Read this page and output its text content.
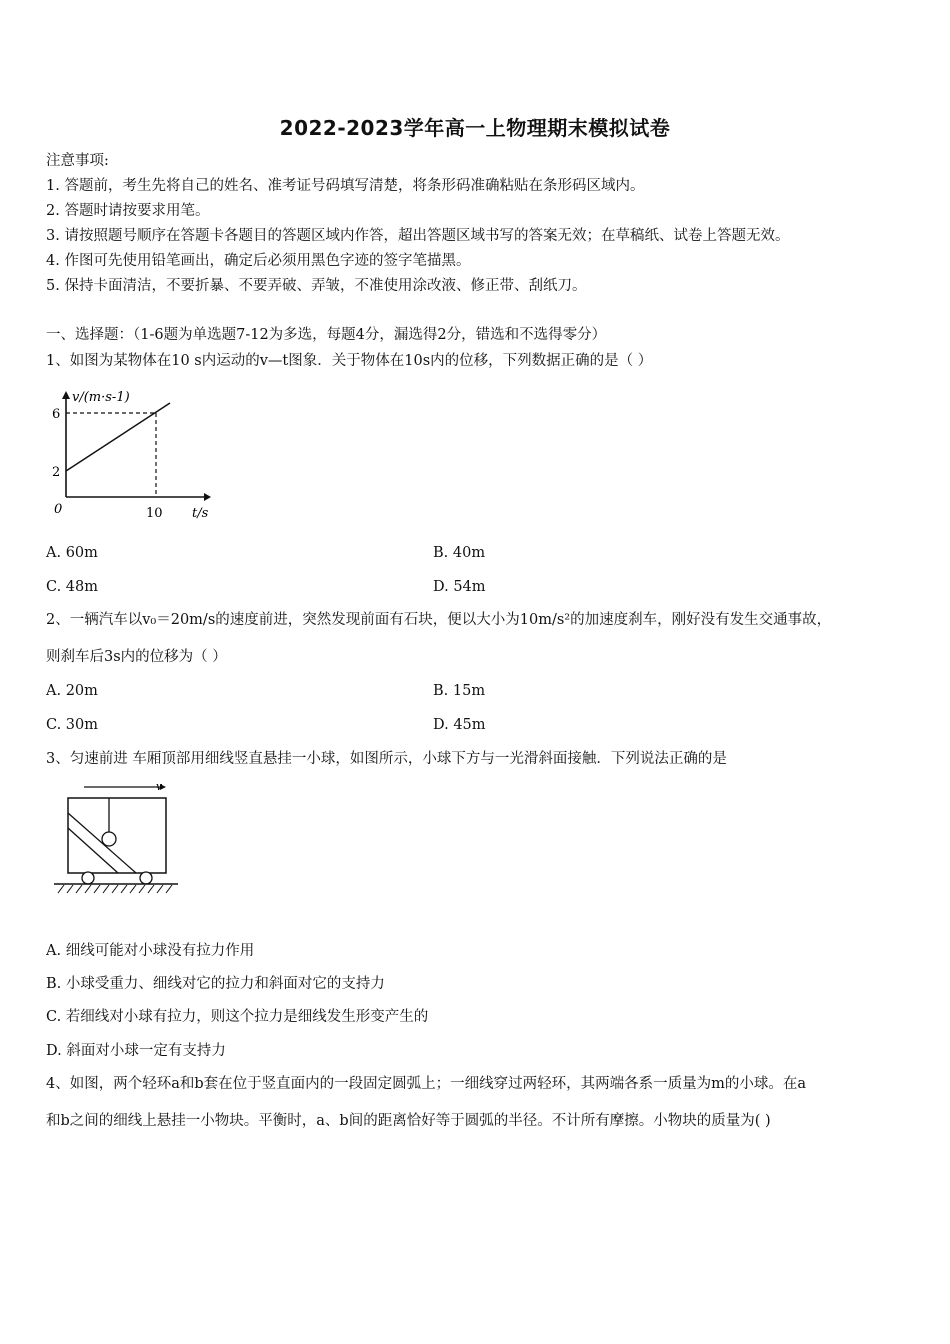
2022-2023学年高一上物理期末模拟试卷
注意事项:
1. 答题前，考生先将自己的姓名、准考证号码填写清楚，将条形码准确粘贴在条形码区域内。
2. 答题时请按要求用笔。
3. 请按照题号顺序在答题卡各题目的答题区域内作答，超出答题区域书写的答案无效；在草稿纸、试卷上答题无效。
4. 作图可先使用铅笔画出，确定后必须用黑色字迹的签字笔描黑。
5. 保持卡面清洁，不要折暴、不要弄破、弄皱，不准使用涂改液、修正带、刮纸刀。
一、选择题：（1-6题为单选题7-12为多选，每题4分，漏选得2分，错选和不选得零分）
1、如图为某物体在10 s内运动的v—t图象．关于物体在10s内的位移，下列数据正确的是（ ）
v/(m·s-1)
6
2
0	10 t/s
A. 60m	B. 40m
C. 48m	D. 54m
2、一辆汽车以v₀＝20m/s的速度前进，突然发现前面有石块，便以大小为10m/s²的加速度刹车，刚好没有发生交通事故，
则刹车后3s内的位移为（ ）
A. 20m	B. 15m
C. 30m	D. 45m
3、匀速前进 车厢顶部用细线竖直悬挂一小球，如图所示，小球下方与一光滑斜面接触．下列说法正确的是
v
A. 细线可能对小球没有拉力作用
B. 小球受重力、细线对它的拉力和斜面对它的支持力
C. 若细线对小球有拉力，则这个拉力是细线发生形变产生的
D. 斜面对小球一定有支持力
4、如图，两个轻环a和b套在位于竖直面内的一段固定圆弧上；一细线穿过两轻环，其两端各系一质量为m的小球。在a
和b之间的细线上悬挂一小物块。平衡时，a、b间的距离恰好等于圆弧的半径。不计所有摩擦。小物块的质量为( )
